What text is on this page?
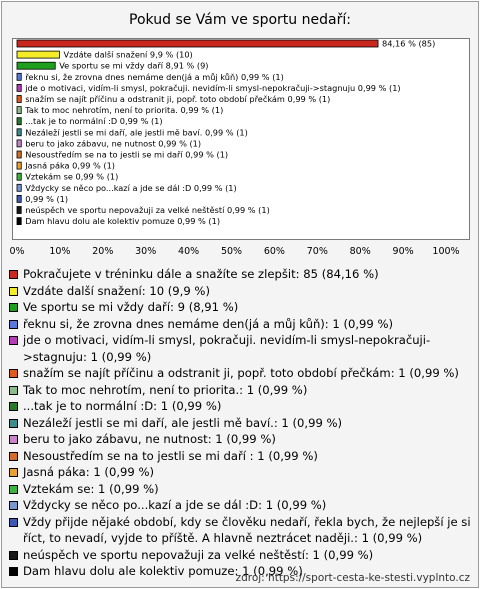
Pokud se Vám ve sportu nedaří:
84,16 % (85)
Vzdáte další snažení 9,9 % (10)
Ve sportu se mi vždy daří 8,91 % (9)
řeknu si, že zrovna dnes nemáme den(já a můj kůň) 0,99 % (1)
jde o motivaci, vidím-li smysl, pokračuji. nevidím-li smysl-nepokračuji->stagnuju 0,99 % (1)
snažím se najít příčinu a odstranit ji, popř. toto období přečkám 0,99 % (1)
Tak to moc nehrotím, není to priorita. 0,99 % (1)
...tak je to normální :D 0,99 % (1)
Nezáleží jestli se mi daří, ale jestli mě baví. 0,99 % (1)
beru to jako zábavu, ne nutnost 0,99 % (1)
Nesoustředím se na to jestli se mi daří 0,99 % (1)
Jasná páka 0,99 % (1)
Vztekám se 0,99 % (1)
Vždycky se něco po...kazí a jde se dál :D 0,99 % (1)
0,99 % (1)
neúspěch ve sportu nepovažuji za velké neštěstí 0,99 % (1)
Dam hlavu dolu ale kolektiv pomuze 0,99 % (1)
0%	10% 20% 30% 40% 50% 60% 70% 80% 90% 100%
Pokračujete v tréninku dále a snažíte se zlepšit: 85 (84,16 %)
Vzdáte další snažení: 10 (9,9 %)
Ve sportu se mi vždy daří: 9 (8,91 %)
řeknu si, že zrovna dnes nemáme den(já a můj kůň): 1 (0,99 %)
jde o motivaci, vidím-li smysl, pokračuji. nevidím-li smysl-nepokračuji->stagnuju: 1 (0,99 %)
snažím se najít příčinu a odstranit ji, popř. toto období přečkám: 1 (0,99 %)
Tak to moc nehrotím, není to priorita.: 1 (0,99 %)
...tak je to normální :D: 1 (0,99 %)
Nezáleží jestli se mi daří, ale jestli mě baví.: 1 (0,99 %)
beru to jako zábavu, ne nutnost: 1 (0,99 %)
Nesoustředím se na to jestli se mi daří : 1 (0,99 %)
Jasná páka: 1 (0,99 %)
Vztekám se: 1 (0,99 %)
Vždycky se něco po...kazí a jde se dál :D: 1 (0,99 %)
Vždy přijde nějaké období, kdy se člověku nedaří, řekla bych, že nejlepší je si říct, to nevadí, vyjde to příště. A hlavně neztrácet naději.: 1 (0,99 %)
neúspěch ve sportu nepovažuji za velké neštěstí: 1 (0,99 %)
Dam hlavu dolu ale kolektiv pomuze: 1 (0,99 %)
zdroj: https://sport-cesta-ke-stesti.vyplnto.cz
